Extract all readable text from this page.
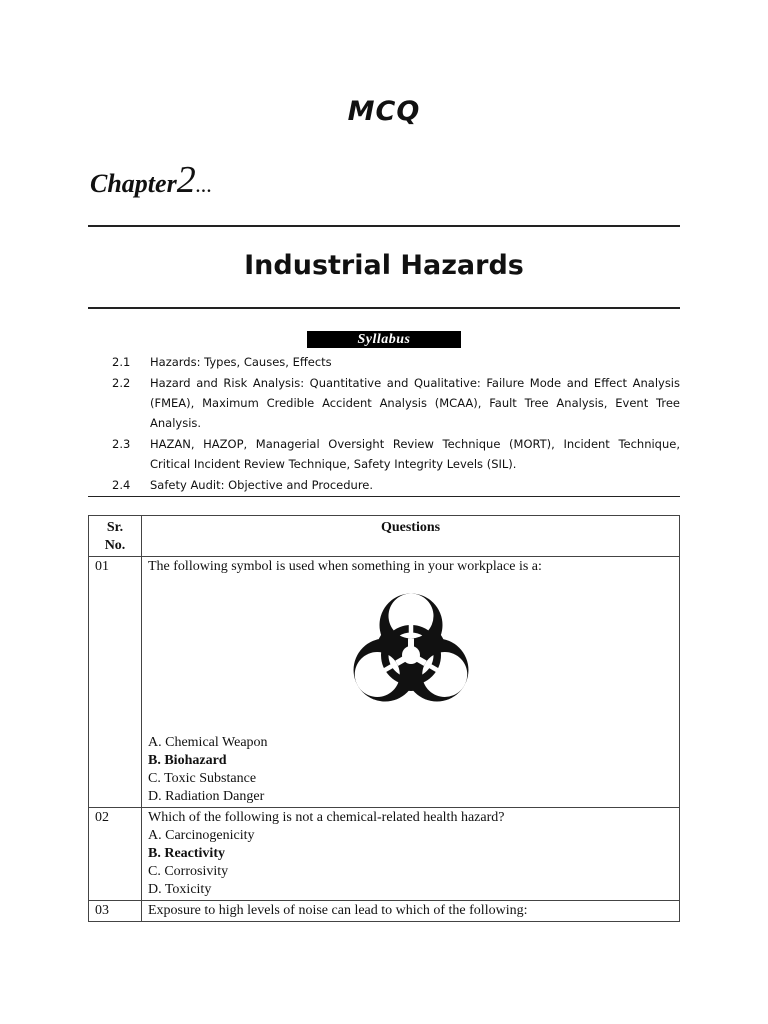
MCQ
Chapter2...
Industrial Hazards
Syllabus
2.1	Hazards: Types, Causes, Effects
2.2	Hazard and Risk Analysis: Quantitative and Qualitative: Failure Mode and Effect Analysis (FMEA), Maximum Credible Accident Analysis (MCAA), Fault Tree Analysis, Event Tree Analysis.
2.3	HAZAN, HAZOP, Managerial Oversight Review Technique (MORT), Incident Technique, Critical Incident Review Technique, Safety Integrity Levels (SIL).
2.4	Safety Audit: Objective and Procedure.
Sr. No.	Questions
01	The following symbol is used when something in your workplace is a:
A. Chemical Weapon
B. Biohazard
C. Toxic Substance
D. Radiation Danger

02	Which of the following is not a chemical-related health hazard?
A. Carcinogenicity
B. Reactivity
C. Corrosivity
D. Toxicity

03	Exposure to high levels of noise can lead to which of the following:
